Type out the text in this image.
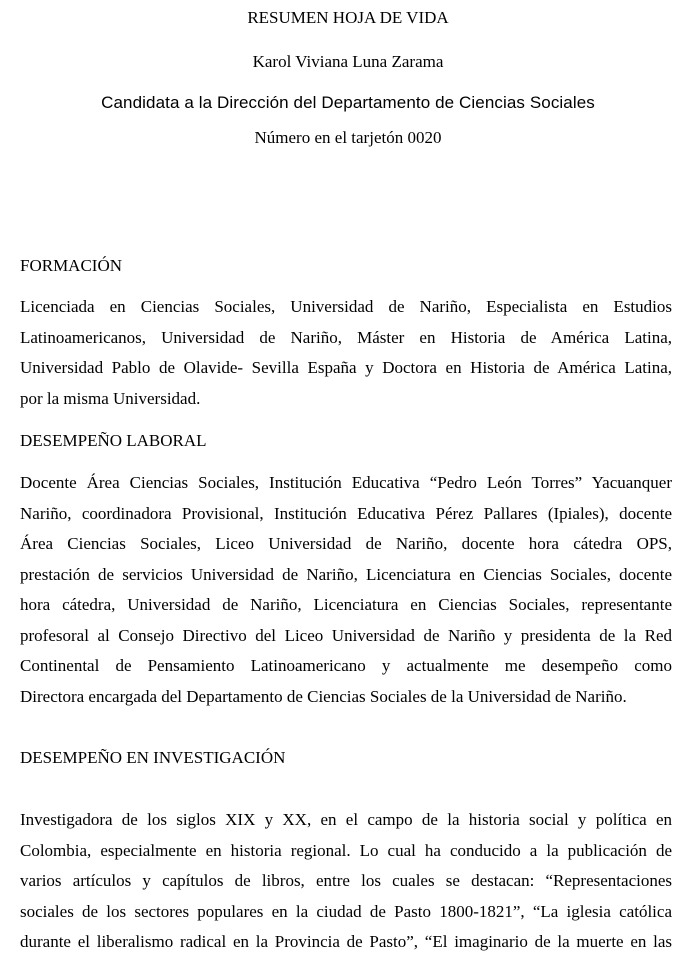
RESUMEN HOJA DE VIDA
Karol Viviana Luna Zarama
Candidata a la Dirección del Departamento de Ciencias Sociales
Número en el tarjetón 0020
FORMACIÓN
Licenciada en Ciencias Sociales, Universidad de Nariño, Especialista en Estudios
Latinoamericanos, Universidad de Nariño, Máster en Historia de América Latina,
Universidad Pablo de Olavide- Sevilla España y Doctora en Historia de América Latina,
por la misma Universidad.
DESEMPEÑO LABORAL
Docente Área Ciencias Sociales, Institución Educativa “Pedro León Torres” Yacuanquer
Nariño, coordinadora Provisional, Institución Educativa Pérez Pallares (Ipiales), docente
Área Ciencias Sociales, Liceo Universidad de Nariño, docente hora cátedra OPS,
prestación de servicios Universidad de Nariño, Licenciatura en Ciencias Sociales, docente
hora cátedra, Universidad de Nariño, Licenciatura en Ciencias Sociales, representante
profesoral al Consejo Directivo del Liceo Universidad de Nariño y presidenta de la Red
Continental de Pensamiento Latinoamericano y actualmente me desempeño como
Directora encargada del Departamento de Ciencias Sociales de la Universidad de Nariño.
DESEMPEÑO EN INVESTIGACIÓN
Investigadora de los siglos XIX y XX, en el campo de la historia social y política en
Colombia, especialmente en historia regional. Lo cual ha conducido a la publicación de
varios artículos y capítulos de libros, entre los cuales se destacan: “Representaciones
sociales de los sectores populares en la ciudad de Pasto 1800-1821”, “La iglesia católica
durante el liberalismo radical en la Provincia de Pasto”, “El imaginario de la muerte en las
